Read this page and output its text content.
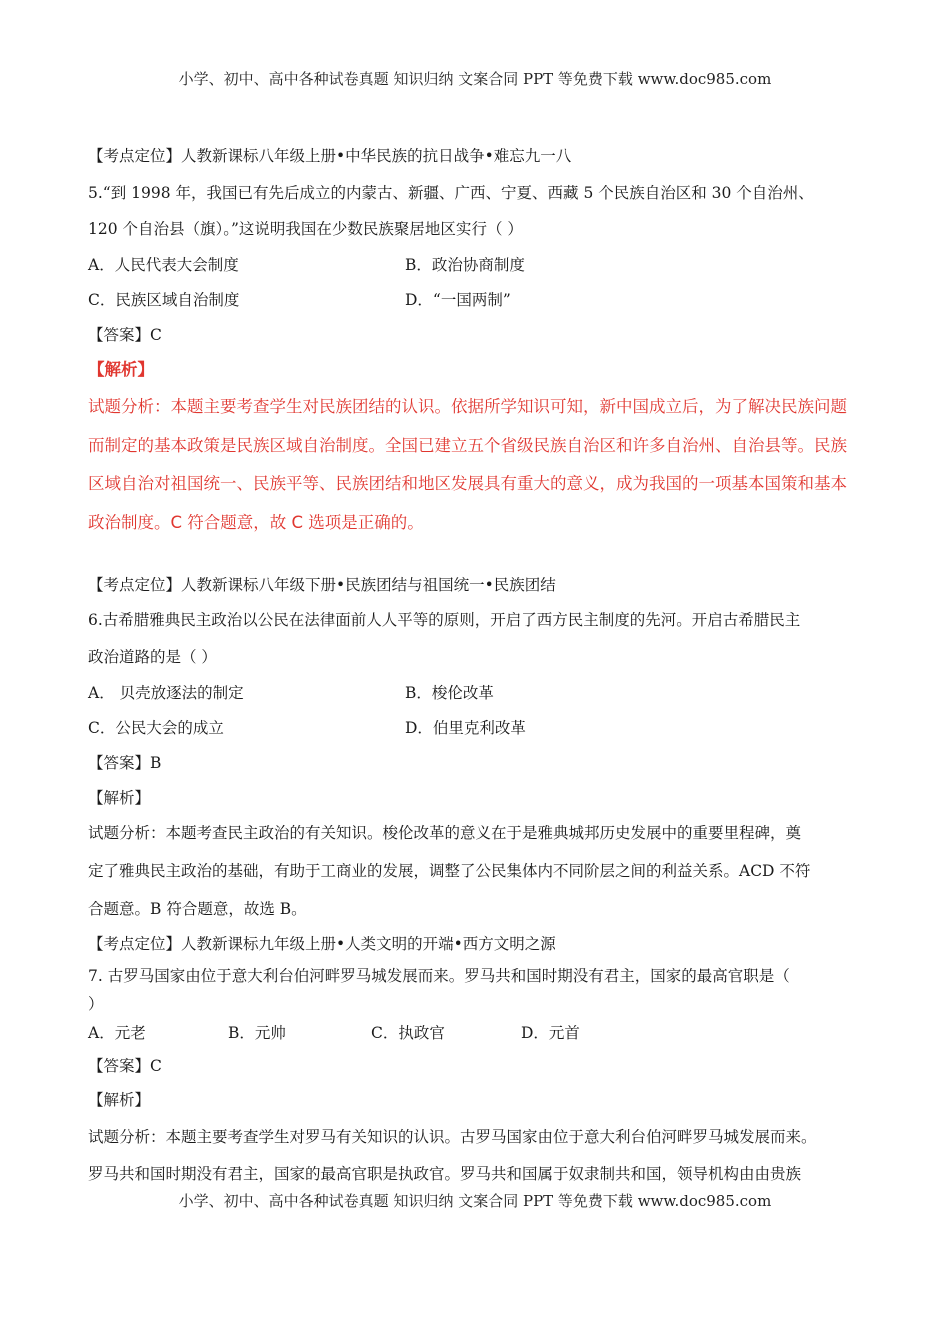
小学、初中、高中各种试卷真题 知识归纳 文案合同 PPT 等免费下载 www.doc985.com
【考点定位】人教新课标八年级上册•中华民族的抗日战争•难忘九一八
5.“到 1998 年，我国已有先后成立的内蒙古、新疆、广西、宁夏、西藏 5 个民族自治区和 30 个自治州、
120 个自治县（旗）。”这说明我国在少数民族聚居地区实行（ ）
A．人民代表大会制度	B．政治协商制度
C．民族区域自治制度	D．“一国两制”
【答案】C
【解析】
试题分析：本题主要考查学生对民族团结的认识。依据所学知识可知，新中国成立后，为了解决民族问题
而制定的基本政策是民族区域自治制度。全国已建立五个省级民族自治区和许多自治州、自治县等。民族
区域自治对祖国统一、民族平等、民族团结和地区发展具有重大的意义，成为我国的一项基本国策和基本
政治制度。C 符合题意，故 C 选项是正确的。
【考点定位】人教新课标八年级下册•民族团结与祖国统一•民族团结
6.古希腊雅典民主政治以公民在法律面前人人平等的原则，开启了西方民主制度的先河。开启古希腊民主
政治道路的是（ ）
A． 贝壳放逐法的制定	B．梭伦改革
C．公民大会的成立	D．伯里克利改革
【答案】B
【解析】
试题分析：本题考查民主政治的有关知识。梭伦改革的意义在于是雅典城邦历史发展中的重要里程碑，奠
定了雅典民主政治的基础，有助于工商业的发展，调整了公民集体内不同阶层之间的利益关系。ACD 不符
合题意。B 符合题意，故选 B。
【考点定位】人教新课标九年级上册•人类文明的开端•西方文明之源
7. 古罗马国家由位于意大利台伯河畔罗马城发展而来。罗马共和国时期没有君主，国家的最高官职是（
）
A．元老	B．元帅	C．执政官	D．元首
【答案】C
【解析】
试题分析：本题主要考查学生对罗马有关知识的认识。古罗马国家由位于意大利台伯河畔罗马城发展而来。
罗马共和国时期没有君主，国家的最高官职是执政官。罗马共和国属于奴隶制共和国，领导机构由由贵族
小学、初中、高中各种试卷真题 知识归纳 文案合同 PPT 等免费下载 www.doc985.com
